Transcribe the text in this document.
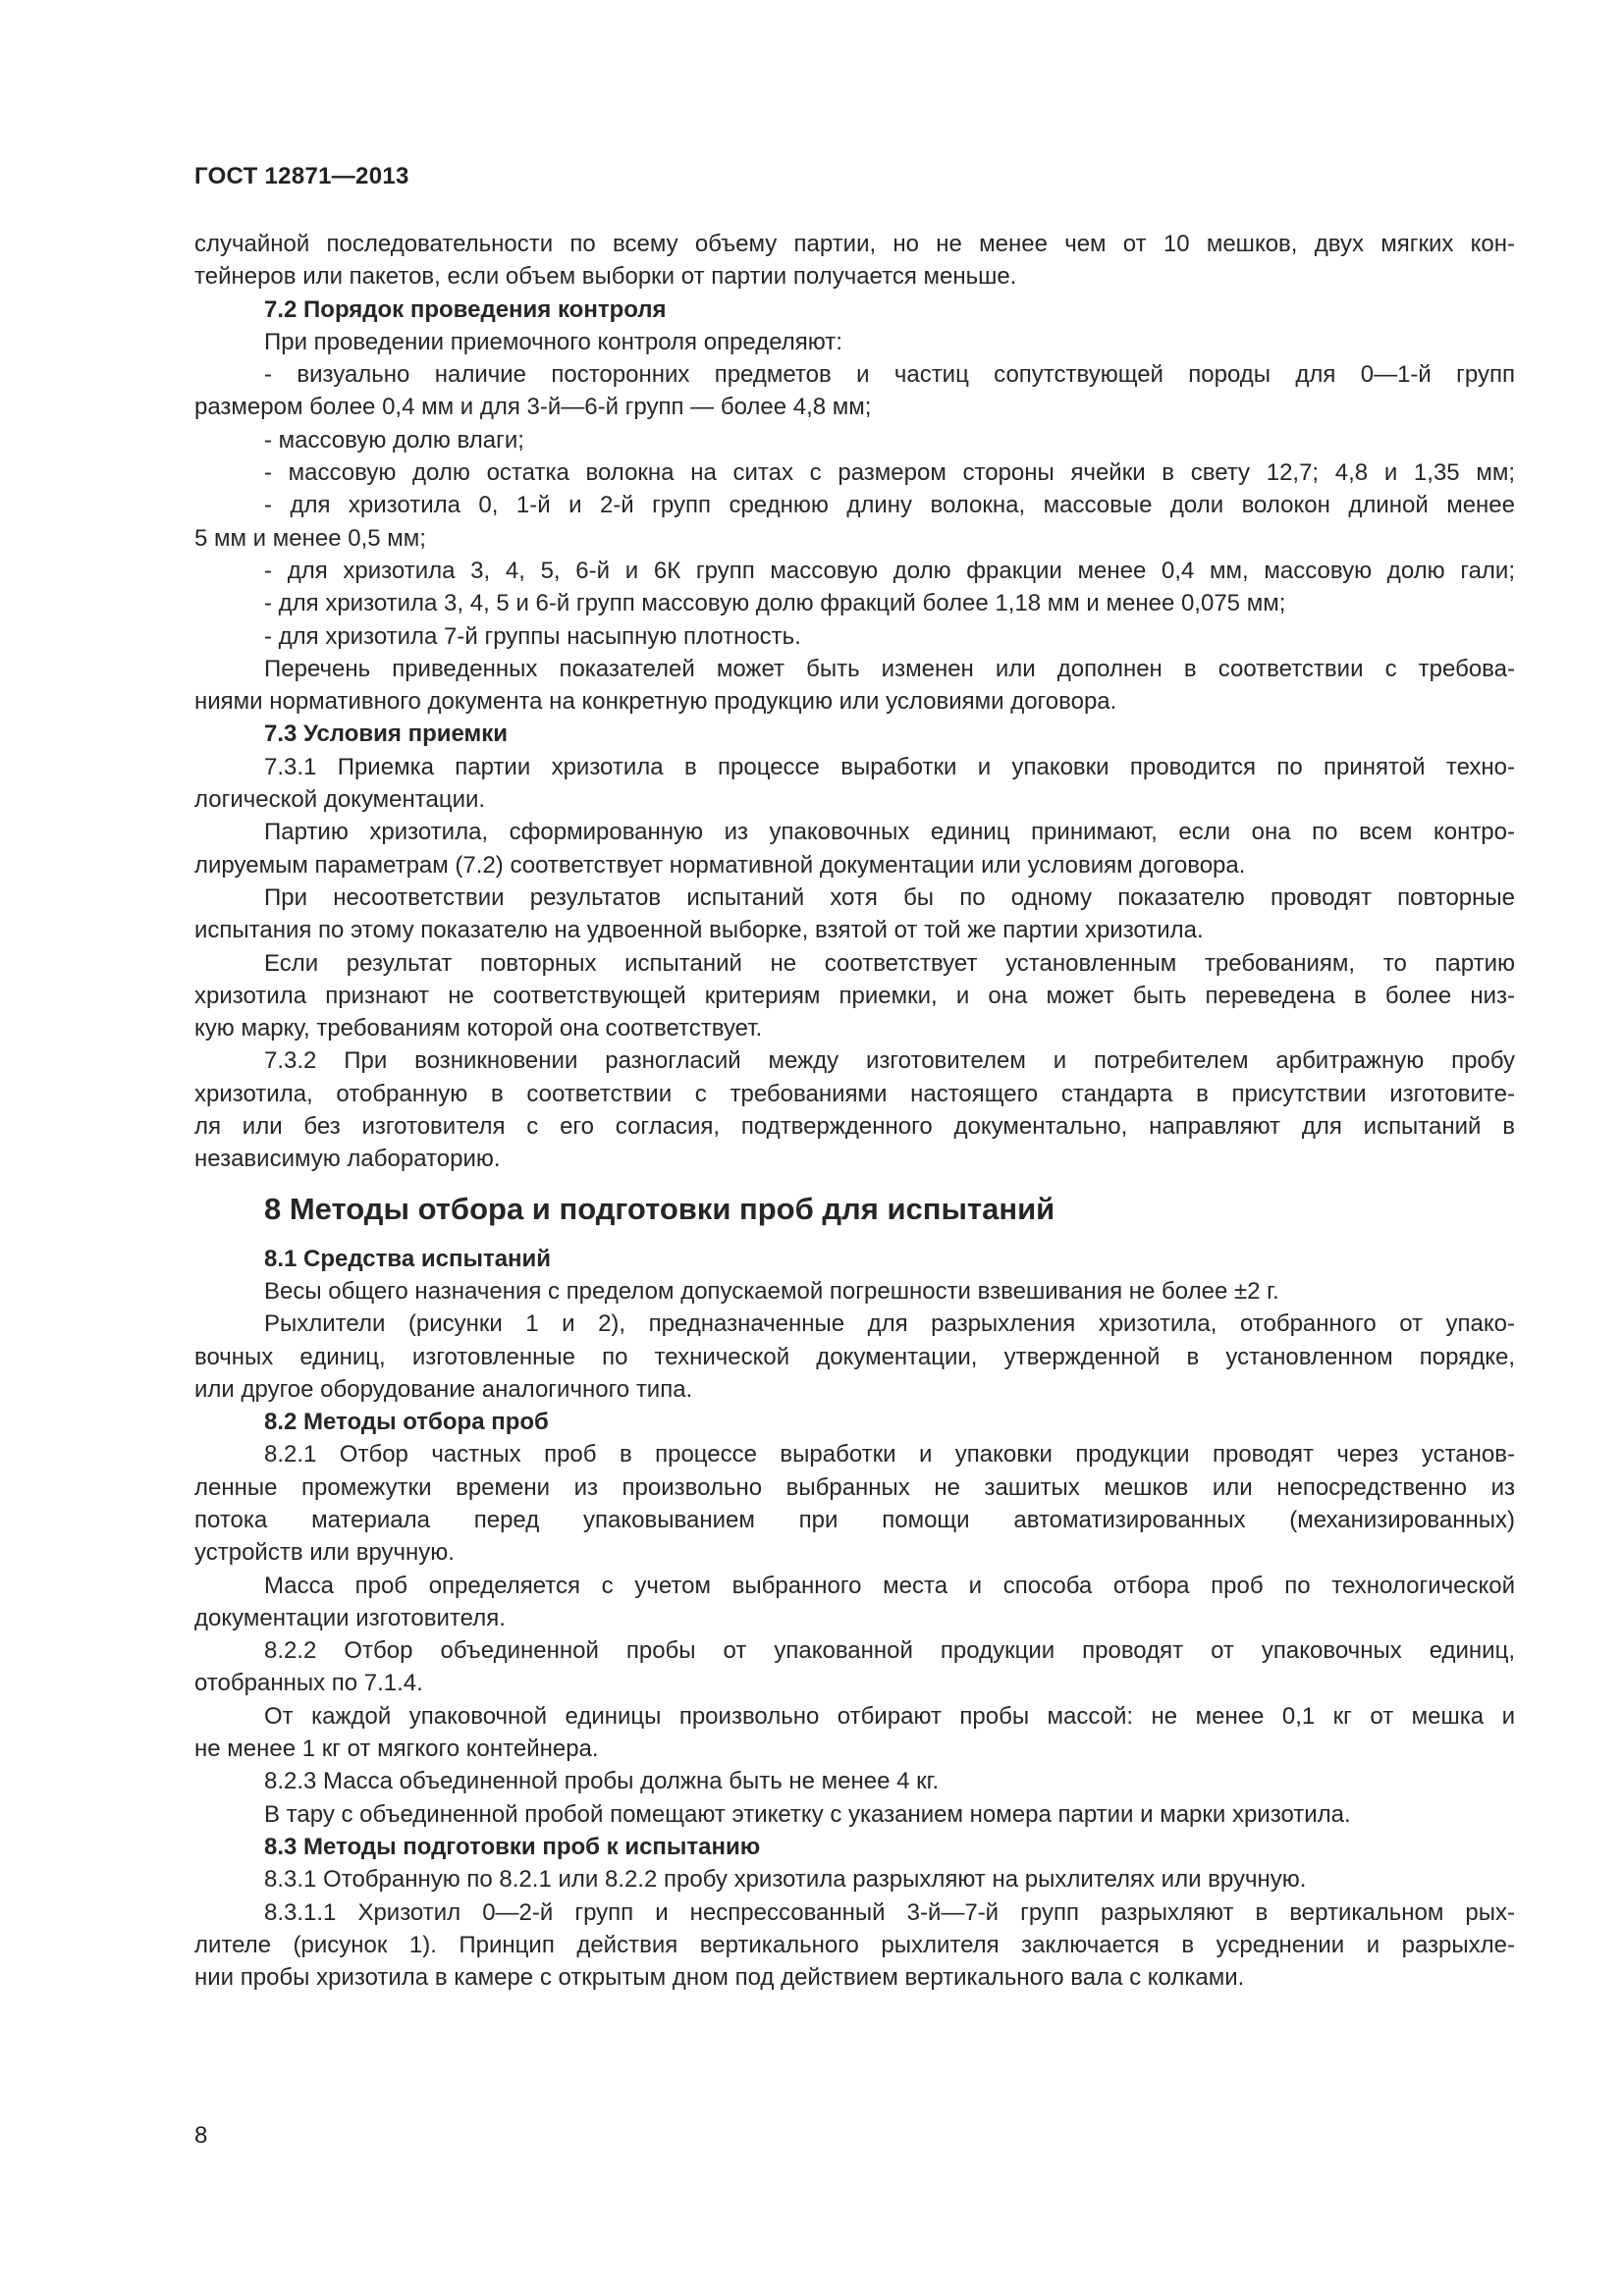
ГОСТ 12871—2013
случайной последовательности по всему объему партии, но не менее чем от 10 мешков, двух мягких кон-
тейнеров или пакетов, если объем выборки от партии получается меньше.
7.2 Порядок проведения контроля
При проведении приемочного контроля определяют:
- визуально наличие посторонних предметов и частиц сопутствующей породы для 0—1-й групп
размером более 0,4 мм и для 3-й—6-й групп — более 4,8 мм;
- массовую долю влаги;
- массовую долю остатка волокна на ситах с размером стороны ячейки в свету 12,7; 4,8 и 1,35 мм;
- для хризотила 0, 1-й и 2-й групп среднюю длину волокна, массовые доли волокон длиной менее
5 мм и менее 0,5 мм;
- для хризотила 3, 4, 5, 6-й и 6К групп массовую долю фракции менее 0,4 мм, массовую долю гали;
- для хризотила 3, 4, 5 и 6-й групп массовую долю фракций более 1,18 мм и менее 0,075 мм;
- для хризотила 7-й группы насыпную плотность.
Перечень приведенных показателей может быть изменен или дополнен в соответствии с требова-
ниями нормативного документа на конкретную продукцию или условиями договора.
7.3 Условия приемки
7.3.1 Приемка партии хризотила в процессе выработки и упаковки проводится по принятой техно-
логической документации.
Партию хризотила, сформированную из упаковочных единиц принимают, если она по всем контро-
лируемым параметрам (7.2) соответствует нормативной документации или условиям договора.
При несоответствии результатов испытаний хотя бы по одному показателю проводят повторные
испытания по этому показателю на удвоенной выборке, взятой от той же партии хризотила.
Если результат повторных испытаний не соответствует установленным требованиям, то партию
хризотила признают не соответствующей критериям приемки, и она может быть переведена в более низ-
кую марку, требованиям которой она соответствует.
7.3.2 При возникновении разногласий между изготовителем и потребителем арбитражную пробу
хризотила, отобранную в соответствии с требованиями настоящего стандарта в присутствии изготовите-
ля или без изготовителя с его согласия, подтвержденного документально, направляют для испытаний в
независимую лабораторию.
8 Методы отбора и подготовки проб для испытаний
8.1 Средства испытаний
Весы общего назначения с пределом допускаемой погрешности взвешивания не более ±2 г.
Рыхлители (рисунки 1 и 2), предназначенные для разрыхления хризотила, отобранного от упако-
вочных единиц, изготовленные по технической документации, утвержденной в установленном порядке,
или другое оборудование аналогичного типа.
8.2 Методы отбора проб
8.2.1 Отбор частных проб в процессе выработки и упаковки продукции проводят через установ-
ленные промежутки времени из произвольно выбранных не зашитых мешков или непосредственно из
потока материала перед упаковыванием при помощи автоматизированных (механизированных)
устройств или вручную.
Масса проб определяется с учетом выбранного места и способа отбора проб по технологической
документации изготовителя.
8.2.2 Отбор объединенной пробы от упакованной продукции проводят от упаковочных единиц,
отобранных по 7.1.4.
От каждой упаковочной единицы произвольно отбирают пробы массой: не менее 0,1 кг от мешка и
не менее 1 кг от мягкого контейнера.
8.2.3 Масса объединенной пробы должна быть не менее 4 кг.
В тару с объединенной пробой помещают этикетку с указанием номера партии и марки хризотила.
8.3 Методы подготовки проб к испытанию
8.3.1 Отобранную по 8.2.1 или 8.2.2 пробу хризотила разрыхляют на рыхлителях или вручную.
8.3.1.1 Хризотил 0—2-й групп и неспрессованный 3-й—7-й групп разрыхляют в вертикальном рых-
лителе (рисунок 1). Принцип действия вертикального рыхлителя заключается в усреднении и разрыхле-
нии пробы хризотила в камере с открытым дном под действием вертикального вала с колками.
8
